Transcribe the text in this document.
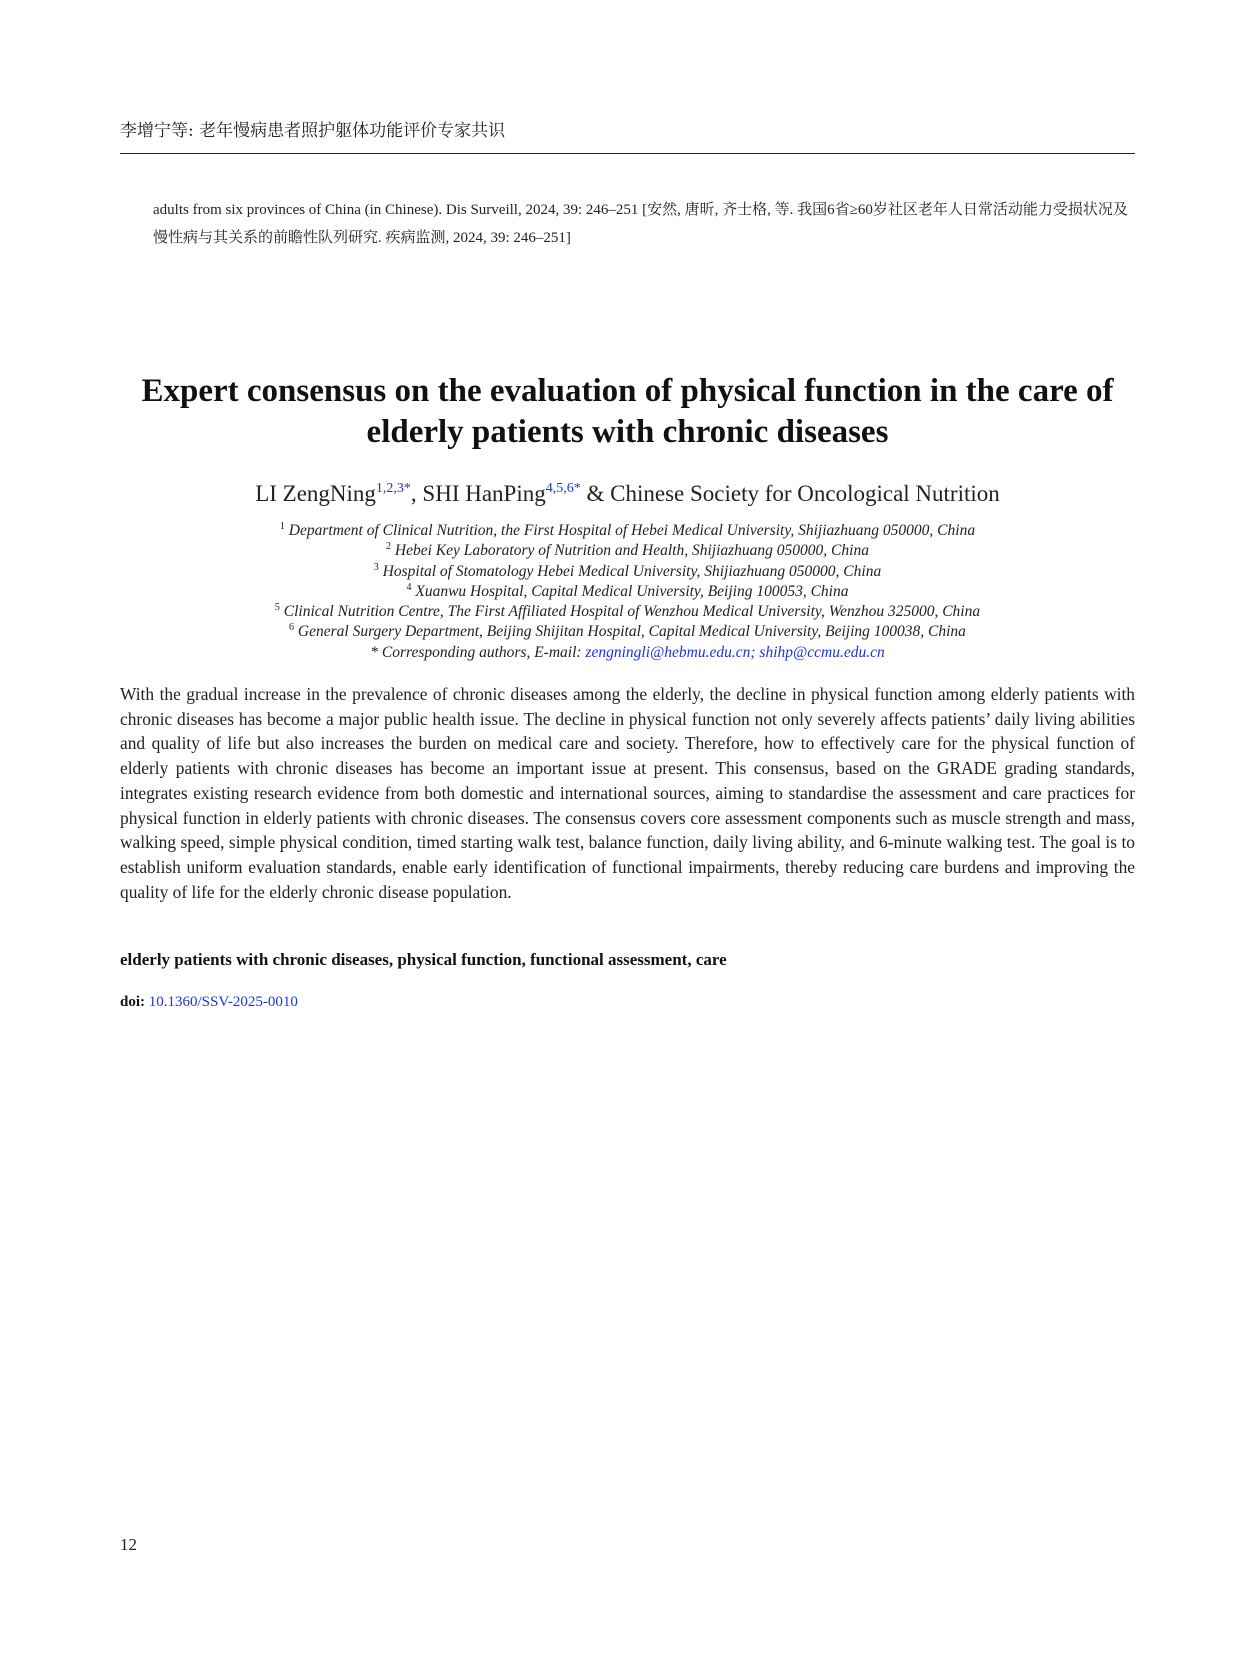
李增宁等: 老年慢病患者照护躯体功能评价专家共识
adults from six provinces of China (in Chinese). Dis Surveill, 2024, 39: 246–251 [安然, 唐昕, 齐士格, 等. 我国6省≥60岁社区老年人日常活动能力受损状况及慢性病与其关系的前瞻性队列研究. 疾病监测, 2024, 39: 246–251]
Expert consensus on the evaluation of physical function in the care of elderly patients with chronic diseases
LI ZengNing$^{1,2,3*}$, SHI HanPing$^{4,5,6*}$ & Chinese Society for Oncological Nutrition
$^1$ Department of Clinical Nutrition, the First Hospital of Hebei Medical University, Shijiazhuang 050000, China
$^2$ Hebei Key Laboratory of Nutrition and Health, Shijiazhuang 050000, China
$^3$ Hospital of Stomatology Hebei Medical University, Shijiazhuang 050000, China
$^4$ Xuanwu Hospital, Capital Medical University, Beijing 100053, China
$^5$ Clinical Nutrition Centre, The First Affiliated Hospital of Wenzhou Medical University, Wenzhou 325000, China
$^6$ General Surgery Department, Beijing Shijitan Hospital, Capital Medical University, Beijing 100038, China
* Corresponding authors, E-mail: zengningli@hebmu.edu.cn; shihp@ccmu.edu.cn

With the gradual increase in the prevalence of chronic diseases among the elderly, the decline in physical function among elderly patients with chronic diseases has become a major public health issue. The decline in physical function not only severely affects patients’ daily living abilities and quality of life but also increases the burden on medical care and society. Therefore, how to effectively care for the physical function of elderly patients with chronic diseases has become an important issue at present. This consensus, based on the GRADE grading standards, integrates existing research evidence from both domestic and international sources, aiming to standardise the assessment and care practices for physical function in elderly patients with chronic diseases. The consensus covers core assessment components such as muscle strength and mass, walking speed, simple physical condition, timed starting walk test, balance function, daily living ability, and 6-minute walking test. The goal is to establish uniform evaluation standards, enable early identification of functional impairments, thereby reducing care burdens and improving the quality of life for the elderly chronic disease population.

elderly patients with chronic diseases, physical function, functional assessment, care
doi: 10.1360/SSV-2025-0010
12
